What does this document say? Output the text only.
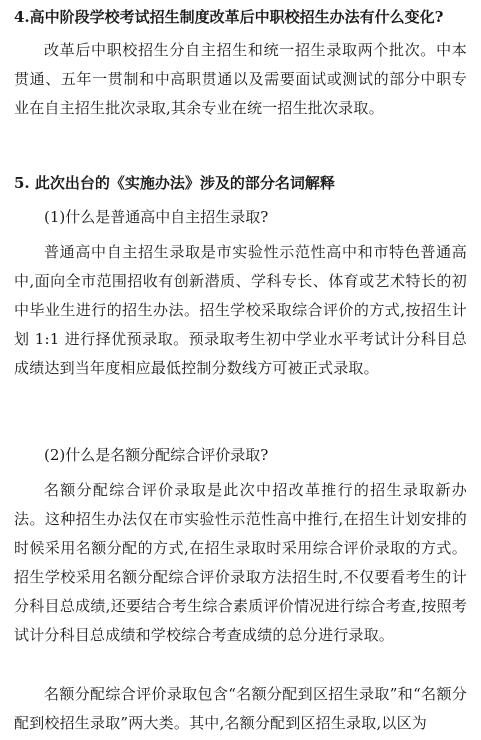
4.高中阶段学校考试招生制度改革后中职校招生办法有什么变化?

改革后中职校招生分自主招生和统一招生录取两个批次。中本贯通、五年一贯制和中高职贯通以及需要面试或测试的部分中职专业在自主招生批次录取,其余专业在统一招生批次录取。

5. 此次出台的《实施办法》涉及的部分名词解释
(1)什么是普通高中自主招生录取?

普通高中自主招生录取是市实验性示范性高中和市特色普通高中,面向全市范围招收有创新潜质、学科专长、体育或艺术特长的初中毕业生进行的招生办法。招生学校采取综合评价的方式,按招生计划 1:1 进行择优预录取。预录取考生初中学业水平考试计分科目总成绩达到当年度相应最低控制分数线方可被正式录取。

(2)什么是名额分配综合评价录取?

名额分配综合评价录取是此次中招改革推行的招生录取新办法。这种招生办法仅在市实验性示范性高中推行,在招生计划安排的时候采用名额分配的方式,在招生录取时采用综合评价录取的方式。招生学校采用名额分配综合评价录取方法招生时,不仅要看考生的计分科目总成绩,还要结合考生综合素质评价情况进行综合考查,按照考试计分科目总成绩和学校综合考查成绩的总分进行录取。

名额分配综合评价录取包含“名额分配到区招生录取”和“名额分配到校招生录取”两大类。其中,名额分配到区招生录取,以区为
